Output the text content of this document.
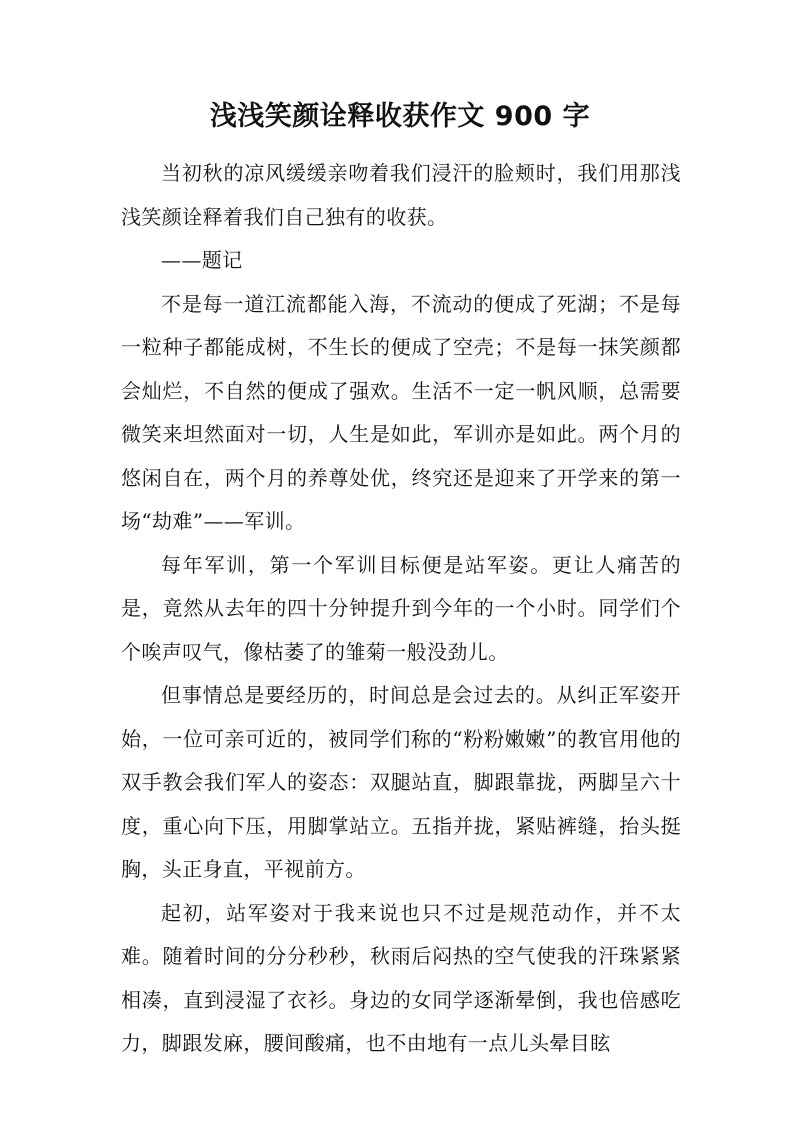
浅浅笑颜诠释收获作文 900 字

当初秋的凉风缓缓亲吻着我们浸汗的脸颊时，我们用那浅浅笑颜诠释着我们自己独有的收获。

——题记

不是每一道江流都能入海，不流动的便成了死湖；不是每一粒种子都能成树，不生长的便成了空壳；不是每一抹笑颜都会灿烂，不自然的便成了强欢。生活不一定一帆风顺，总需要微笑来坦然面对一切，人生是如此，军训亦是如此。两个月的悠闲自在，两个月的养尊处优，终究还是迎来了开学来的第一场“劫难”——军训。

每年军训，第一个军训目标便是站军姿。更让人痛苦的是，竟然从去年的四十分钟提升到今年的一个小时。同学们个个唉声叹气，像枯萎了的雏菊一般没劲儿。

但事情总是要经历的，时间总是会过去的。从纠正军姿开始，一位可亲可近的，被同学们称的“粉粉嫩嫩”的教官用他的双手教会我们军人的姿态：双腿站直，脚跟靠拢，两脚呈六十度，重心向下压，用脚掌站立。五指并拢，紧贴裤缝，抬头挺胸，头正身直，平视前方。

起初，站军姿对于我来说也只不过是规范动作，并不太难。随着时间的分分秒秒，秋雨后闷热的空气使我的汗珠紧紧相凑，直到浸湿了衣衫。身边的女同学逐渐晕倒，我也倍感吃力，脚跟发麻，腰间酸痛，也不由地有一点儿头晕目眩
